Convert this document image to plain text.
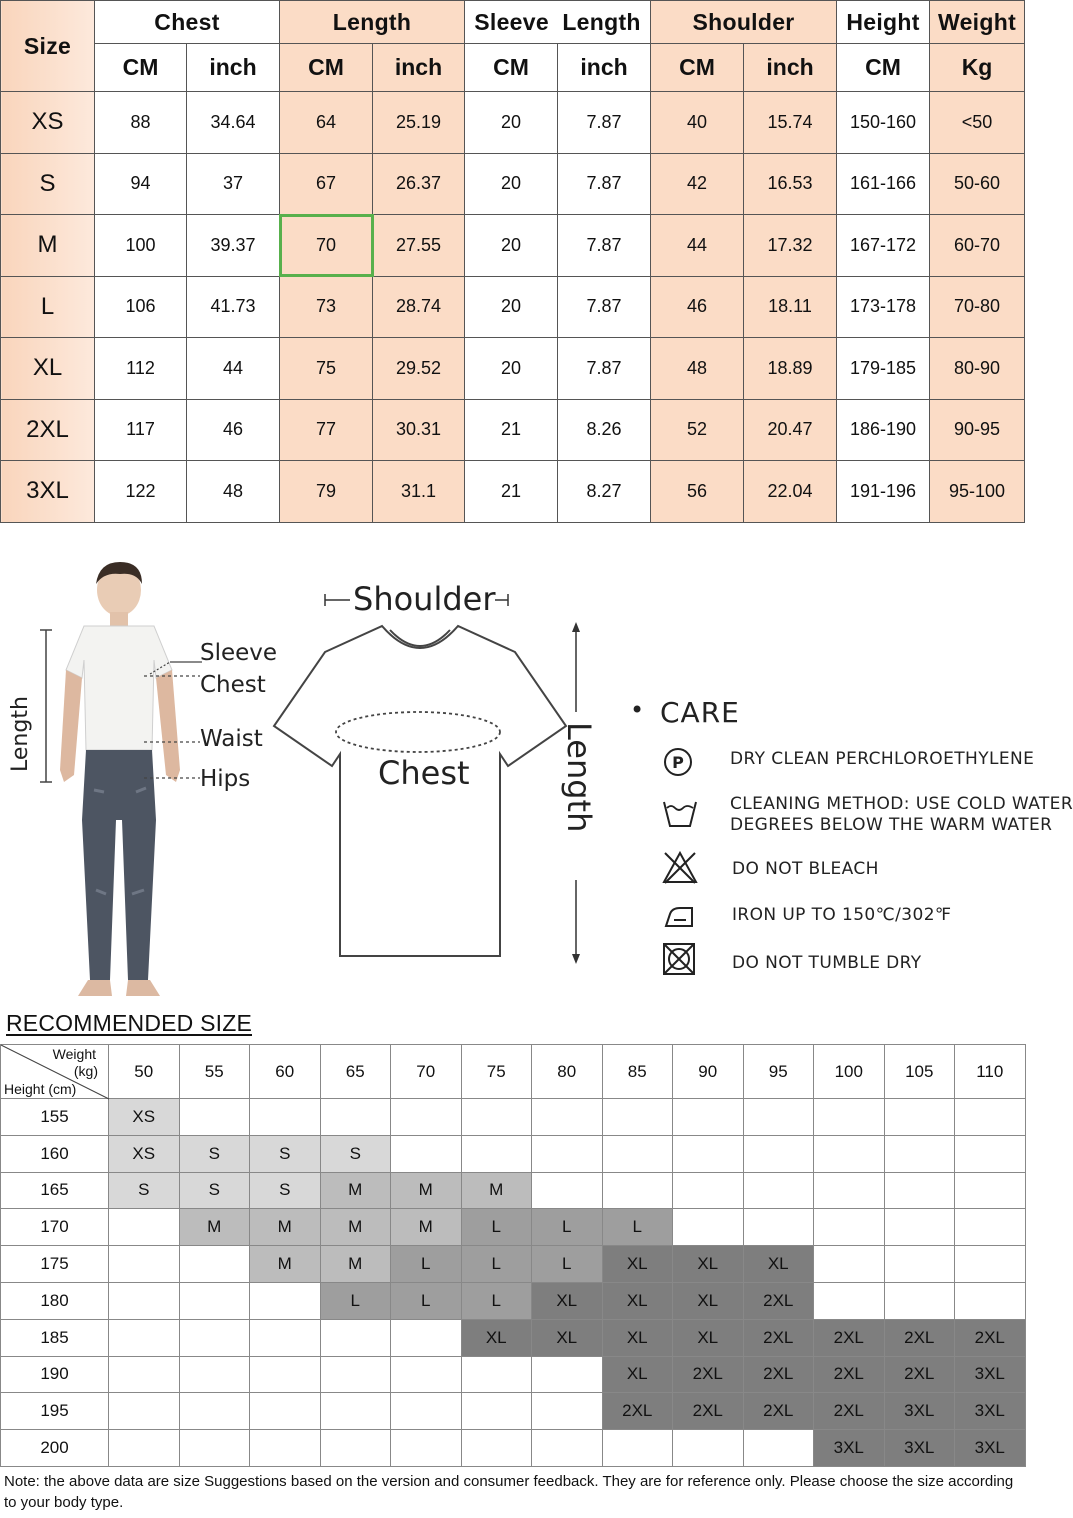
Size	Chest		Length		Sleeve  Length		Shoulder		Height	Weight
	CM	inch	CM	inch	CM	inch	CM	inch	CM	Kg
XS	88	34.64	64	25.19	20	7.87	40	15.74	150-160	<50
S	94	37	67	26.37	20	7.87	42	16.53	161-166	50-60
M	100	39.37	70	27.55	20	7.87	44	17.32	167-172	60-70
L	106	41.73	73	28.74	20	7.87	46	18.11	173-178	70-80
XL	112	44	75	29.52	20	7.87	48	18.89	179-185	80-90
2XL	117	46	77	30.31	21	8.26	52	20.47	186-190	90-95
3XL	122	48	79	31.1	21	8.27	56	22.04	191-196	95-100
Length
Sleeve
Chest
Waist
Hips
Shoulder
Chest	Length
• CARE
P	DRY CLEAN PERCHLOROETHYLENE
CLEANING METHOD: USE COLD WATER
DEGREES BELOW THE WARM WATER
DO NOT BLEACH
IRON UP TO 150℃/302℉
DO NOT TUMBLE DRY
RECOMMENDED SIZE
Weight
(kg)
Height (cm)	50	55	60	65	70	75	80	85	90	95	100	105	110
155	XS												
160	XS	S	S	S									
165	S	S	S	M	M	M							
170		M	M	M	M	L	L	L					
175			M	M	L	L	L	XL	XL	XL			
180				L	L	L	XL	XL	XL	2XL			
185						XL	XL	XL	XL	2XL	2XL	2XL	2XL
190								XL	2XL	2XL	2XL	2XL	3XL
195								2XL	2XL	2XL	2XL	3XL	3XL
200											3XL	3XL	3XL
Note: the above data are size Suggestions based on the version and consumer feedback. They are for reference only. Please choose the size according to your body type.
